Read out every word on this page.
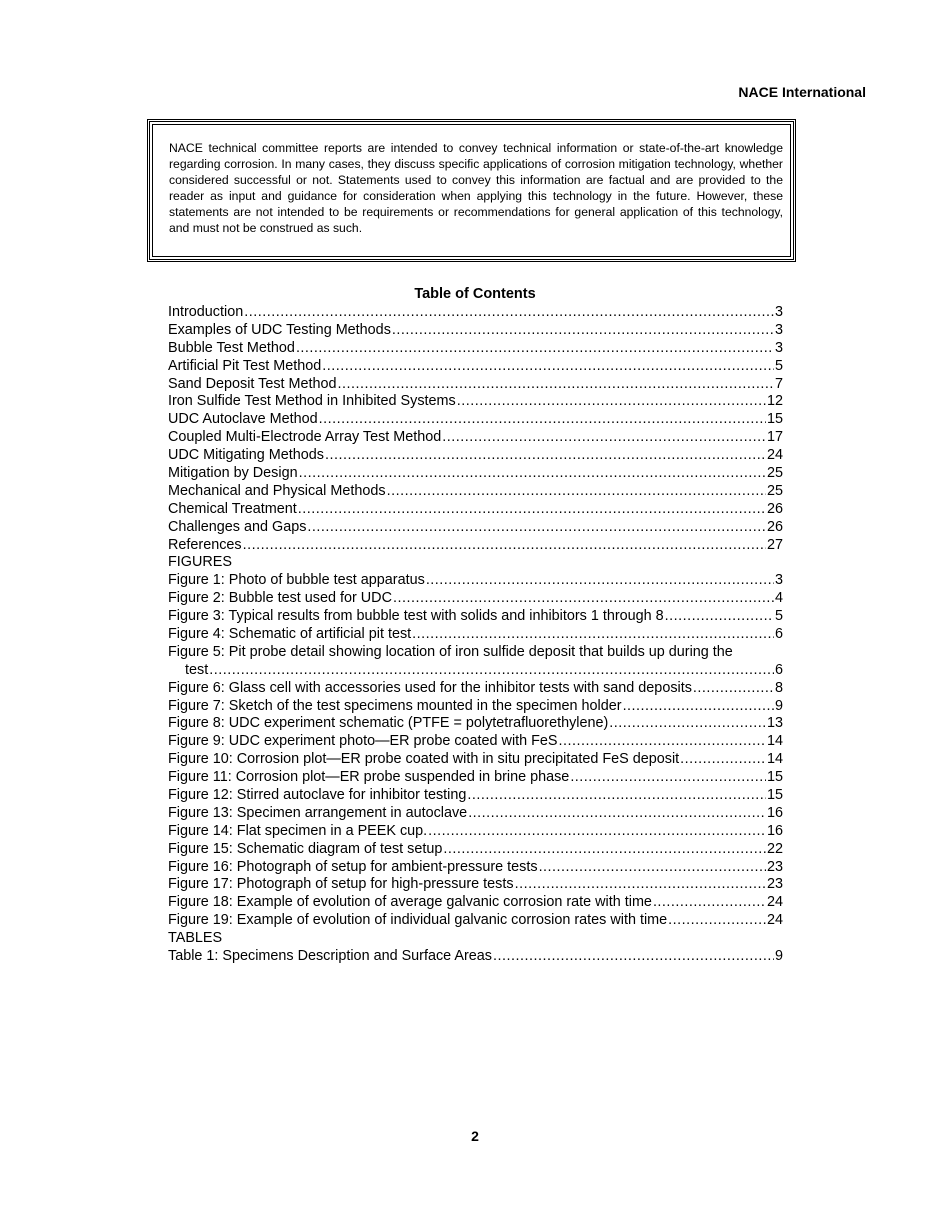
NACE International
NACE technical committee reports are intended to convey technical information or state-of-the-art knowledge regarding corrosion. In many cases, they discuss specific applications of corrosion mitigation technology, whether considered successful or not. Statements used to convey this information are factual and are provided to the reader as input and guidance for consideration when applying this technology in the future. However, these statements are not intended to be requirements or recommendations for general application of this technology, and must not be construed as such.
Table of Contents
Introduction .....	3
Examples of UDC Testing Methods .....	3
Bubble Test Method .....	3
Artificial Pit Test Method .....	5
Sand Deposit Test Method .....	7
Iron Sulfide Test Method in Inhibited Systems .....	12
UDC Autoclave Method .....	15
Coupled Multi-Electrode Array Test Method .....	17
UDC Mitigating Methods .....	24
Mitigation by Design .....	25
Mechanical and Physical Methods .....	25
Chemical Treatment .....	26
Challenges and Gaps .....	26
References .....	27
FIGURES
Figure 1: Photo of bubble test apparatus .....	3
Figure 2: Bubble test used for UDC .....	4
Figure 3: Typical results from bubble test with solids and inhibitors 1 through 8 .....	5
Figure 4: Schematic of artificial pit test .....	6
Figure 5: Pit probe detail showing location of iron sulfide deposit that builds up during the
test .....	6
Figure 6: Glass cell with accessories used for the inhibitor tests with sand deposits .....	8
Figure 7: Sketch of the test specimens mounted in the specimen holder .....	9
Figure 8: UDC experiment schematic (PTFE = polytetrafluorethylene) .....	13
Figure 9: UDC experiment photo—ER probe coated with FeS .....	14
Figure 10: Corrosion plot—ER probe coated with in situ precipitated FeS deposit .....	14
Figure 11: Corrosion plot—ER probe suspended in brine phase .....	15
Figure 12: Stirred autoclave for inhibitor testing .....	15
Figure 13: Specimen arrangement in autoclave .....	16
Figure 14: Flat specimen in a PEEK cup. .....	16
Figure 15: Schematic diagram of test setup .....	22
Figure 16: Photograph of setup for ambient-pressure tests .....	23
Figure 17: Photograph of setup for high-pressure tests .....	23
Figure 18: Example of evolution of average galvanic corrosion rate with time .....	24
Figure 19: Example of evolution of individual galvanic corrosion rates with time .....	24
TABLES
Table 1: Specimens Description and Surface Areas .....	9
2
